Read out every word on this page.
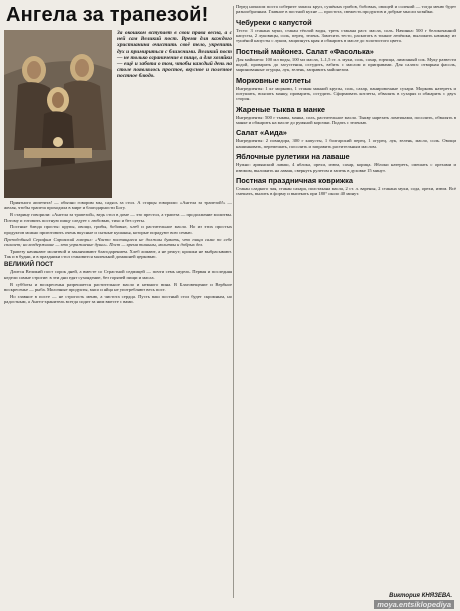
Ангела за трапезой!

За окошком вступает в свои права весна, а с ней сам Великий пост. Время для каждого христианина очистить своё тело, укрепить дух и примириться с ближними. Великий пост — не только ограничение в пище, а для хозяйки — ещё и забота о том, чтобы каждый день на столе появлялось простое, вкусное и полезное постное блюдо.

Приятного аппетита! — обычно говорим мы, садясь за стол. А старцы говорили: «Ангела за трапезой!» — желая, чтобы трапеза проходила в мире и благодарности Богу.

В старину говорили: «Ангела за трапезой», ведь стол в доме — это престол, а трапеза — продолжение молитвы. Потому и готовить постную пищу следует с любовью, тихо и без суеты.

Постные блюда просты: крупы, овощи, грибы, бобовые, хлеб и растительное масло. Но из этих простых продуктов можно приготовить очень вкусные и сытные кушанья, которые порадуют всю семью.

Преподобный Серафим Саровский говорил: «Часто постящиеся не должны думать, что пища сама по себе спасает; но воздержание — это упражнение души». Пост — время тишины, молитвы и добрых дел.

Трапезу начинают молитвой и заканчивают благодарением. Хлеб ломают, а не режут; крошки не выбрасывают. Так и в будни, и в праздники стол становится маленькой домашней церковью.

ВЕЛИКИЙ ПОСТ

Длится Великий пост сорок дней, а вместе со Страстной седмицей — почти семь недель. Первая и последняя недели самые строгие: в эти дни едят сухоядение, без горячей пищи и масла.

В субботы и воскресенья разрешается растительное масло и немного вина. В Благовещение и Вербное воскресенье — рыба. Молочные продукты, мясо и яйца не употребляют весь пост.

Но главное в посте — не строгость меню, а чистота сердца. Пусть ваш постный стол будет скромным, но радостным, а Ангел-хранитель всегда сидит за ним вместе с вами.

Перед началом поста соберите запасы круп, сушёных грибов, бобовых, овощей и солений — тогда меню будет разнообразным. Главное в постной кухне — простота, свежесть продуктов и добрые мысли хозяйки.

Чебуреки с капустой

Тесто: 3 стакана муки, стакан тёплой воды, треть стакана раст. масла, соль. Начинка: 500 г белокочанной капусты, 2 луковицы, соль, перец, зелень. Замесить тесто, раскатать в тонкие лепёшки, выложить начинку из тушёной капусты с луком, защипнуть края и обжарить в масле до золотистого цвета.

Постный майонез. Салат «Фасолька»

Для майонеза: 100 мл воды, 100 мл масла, 1–1,5 ст. л. муки, соль, сахар, горчица, лимонный сок. Муку развести водой, проварить до загустения, остудить, взбить с маслом и приправами. Для салата: отварная фасоль, маринованные огурцы, лук, зелень, заправить майонезом.

Морковные котлеты

Ингредиенты: 1 кг моркови, 1 стакан манной крупы, соль, сахар, панировочные сухари. Морковь натереть и потушить, всыпать манку, проварить, остудить. Сформовать котлеты, обвалять в сухарях и обжарить с двух сторон.

Жареные тыква в манке

Ингредиенты: 500 г тыквы, манка, соль, растительное масло. Тыкву нарезать ломтиками, посолить, обвалять в манке и обжарить на масле до румяной корочки. Подать с зеленью.

Салат «Аида»

Ингредиенты: 2 помидора, 300 г капусты, 1 болгарский перец, 1 огурец, лук, зелень, масло, соль. Овощи нашинковать, перемешать, посолить и заправить растительным маслом.

Яблочные рулетики на лаваше

Нужно: армянский лаваш, 4 яблока, орехи, изюм, сахар, корица. Яблоки натереть, смешать с орехами и изюмом, выложить на лаваш, свернуть рулетом и запечь в духовке 15 минут.

Постная праздничная коврижка

Стакан сладкого чая, стакан сахара, полстакана масла, 2 ст. л. варенья, 2 стакана муки, сода, орехи, изюм. Всё смешать, вылить в форму и выпекать при 180° около 40 минут.

Виктория КНЯЗЕВА.
moya.entsiklopediya
